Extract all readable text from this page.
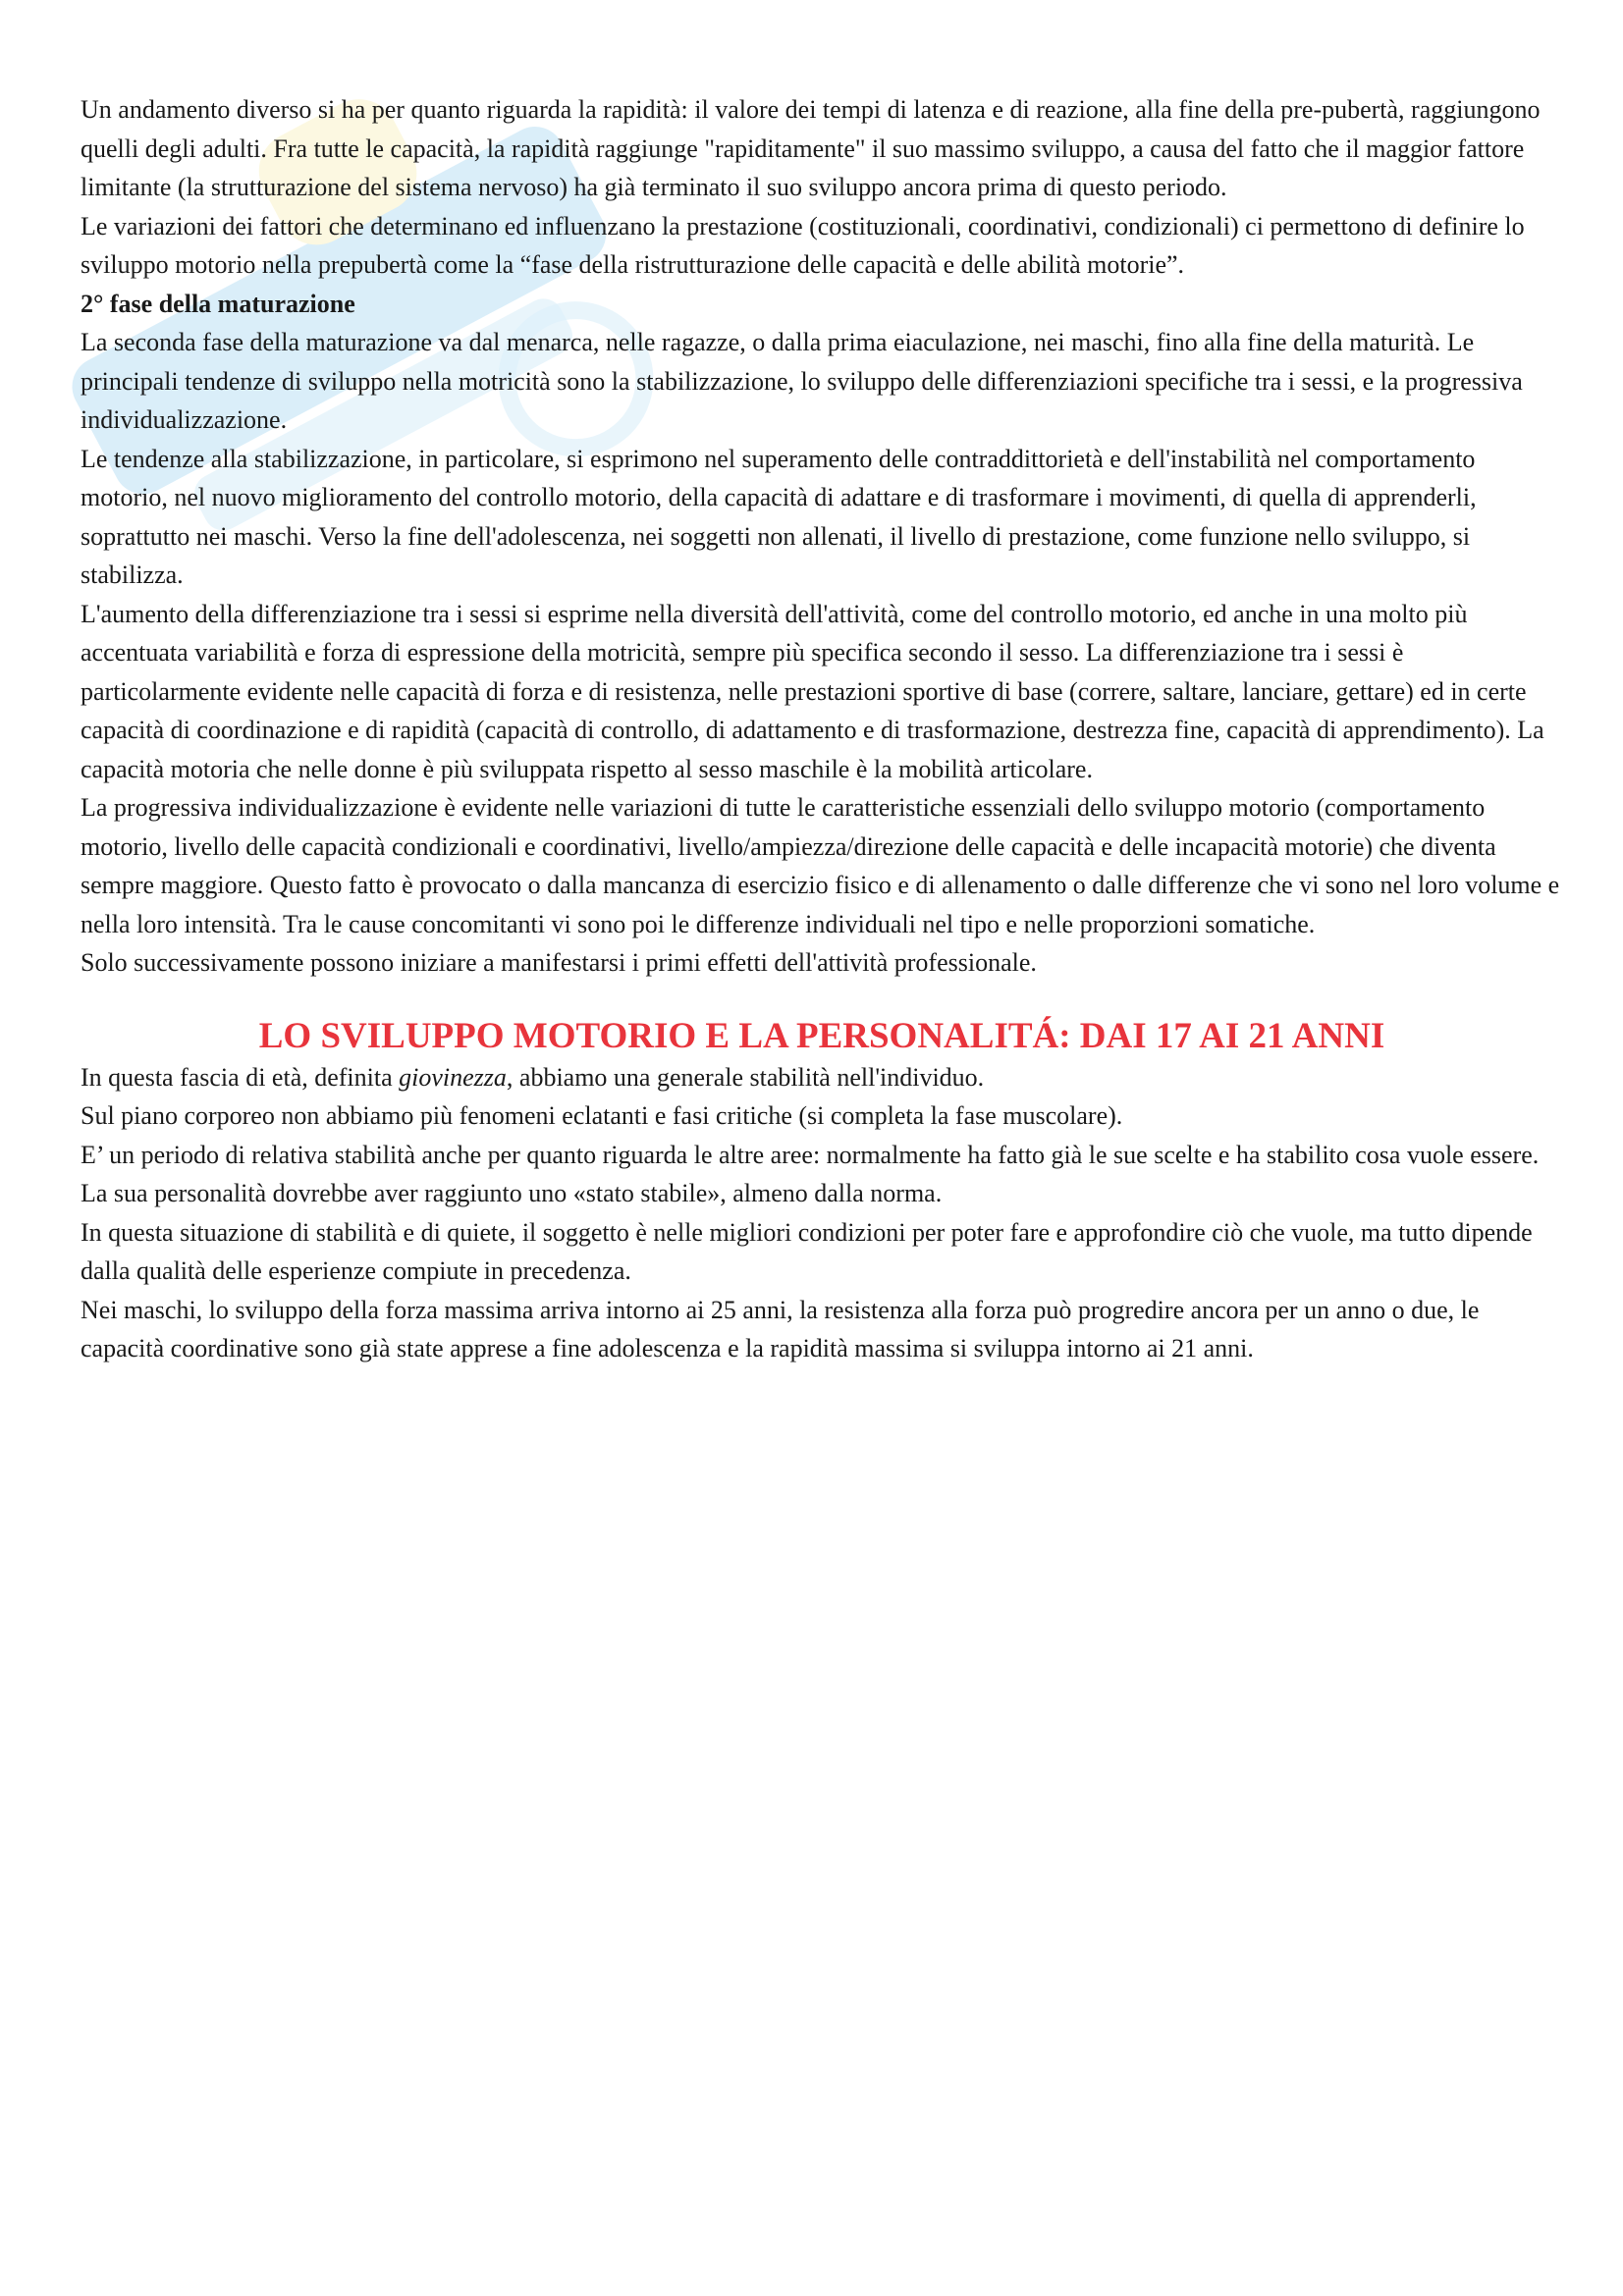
Un andamento diverso si ha per quanto riguarda la rapidità: il valore dei tempi di latenza e di reazione, alla fine della pre-pubertà, raggiungono quelli degli adulti. Fra tutte le capacità, la rapidità raggiunge "rapiditamente" il suo massimo sviluppo, a causa del fatto che il maggior fattore limitante (la strutturazione del sistema nervoso) ha già terminato il suo sviluppo ancora prima di questo periodo.

Le variazioni dei fattori che determinano ed influenzano la prestazione (costituzionali, coordinativi, condizionali) ci permettono di definire lo sviluppo motorio nella prepubertà come la “fase della ristrutturazione delle capacità e delle abilità motorie”.

2° fase della maturazione

La seconda fase della maturazione va dal menarca, nelle ragazze, o dalla prima eiaculazione, nei maschi, fino alla fine della maturità. Le principali tendenze di sviluppo nella motricità sono la stabilizzazione, lo sviluppo delle differenziazioni specifiche tra i sessi, e la progressiva individualizzazione.

Le tendenze alla stabilizzazione, in particolare, si esprimono nel superamento delle contraddittorietà e dell'instabilità nel comportamento motorio, nel nuovo miglioramento del controllo motorio, della capacità di adattare e di trasformare i movimenti, di quella di apprenderli, soprattutto nei maschi. Verso la fine dell'adolescenza, nei soggetti non allenati, il livello di prestazione, come funzione nello sviluppo, si stabilizza.

L'aumento della differenziazione tra i sessi si esprime nella diversità dell'attività, come del controllo motorio, ed anche in una molto più accentuata variabilità e forza di espressione della motricità, sempre più specifica secondo il sesso. La differenziazione tra i sessi è particolarmente evidente nelle capacità di forza e di resistenza, nelle prestazioni sportive di base (correre, saltare, lanciare, gettare) ed in certe capacità di coordinazione e di rapidità (capacità di controllo, di adattamento e di trasformazione, destrezza fine, capacità di apprendimento). La capacità motoria che nelle donne è più sviluppata rispetto al sesso maschile è la mobilità articolare.

La progressiva individualizzazione è evidente nelle variazioni di tutte le caratteristiche essenziali dello sviluppo motorio (comportamento motorio, livello delle capacità condizionali e coordinativi, livello/ampiezza/direzione delle capacità e delle incapacità motorie) che diventa sempre maggiore. Questo fatto è provocato o dalla mancanza di esercizio fisico e di allenamento o dalle differenze che vi sono nel loro volume e nella loro intensità. Tra le cause concomitanti vi sono poi le differenze individuali nel tipo e nelle proporzioni somatiche.

Solo successivamente possono iniziare a manifestarsi i primi effetti dell'attività professionale.

LO SVILUPPO MOTORIO E LA PERSONALITÁ: DAI 17 AI 21 ANNI

In questa fascia di età, definita giovinezza, abbiamo una generale stabilità nell'individuo.

Sul piano corporeo non abbiamo più fenomeni eclatanti e fasi critiche (si completa la fase muscolare).

E’ un periodo di relativa stabilità anche per quanto riguarda le altre aree: normalmente ha fatto già le sue scelte e ha stabilito cosa vuole essere. La sua personalità dovrebbe aver raggiunto uno «stato stabile», almeno dalla norma.

In questa situazione di stabilità e di quiete, il soggetto è nelle migliori condizioni per poter fare e approfondire ciò che vuole, ma tutto dipende dalla qualità delle esperienze compiute in precedenza.

Nei maschi, lo sviluppo della forza massima arriva intorno ai 25 anni, la resistenza alla forza può progredire ancora per un anno o due, le capacità coordinative sono già state apprese a fine adolescenza e la rapidità massima si sviluppa intorno ai 21 anni.
